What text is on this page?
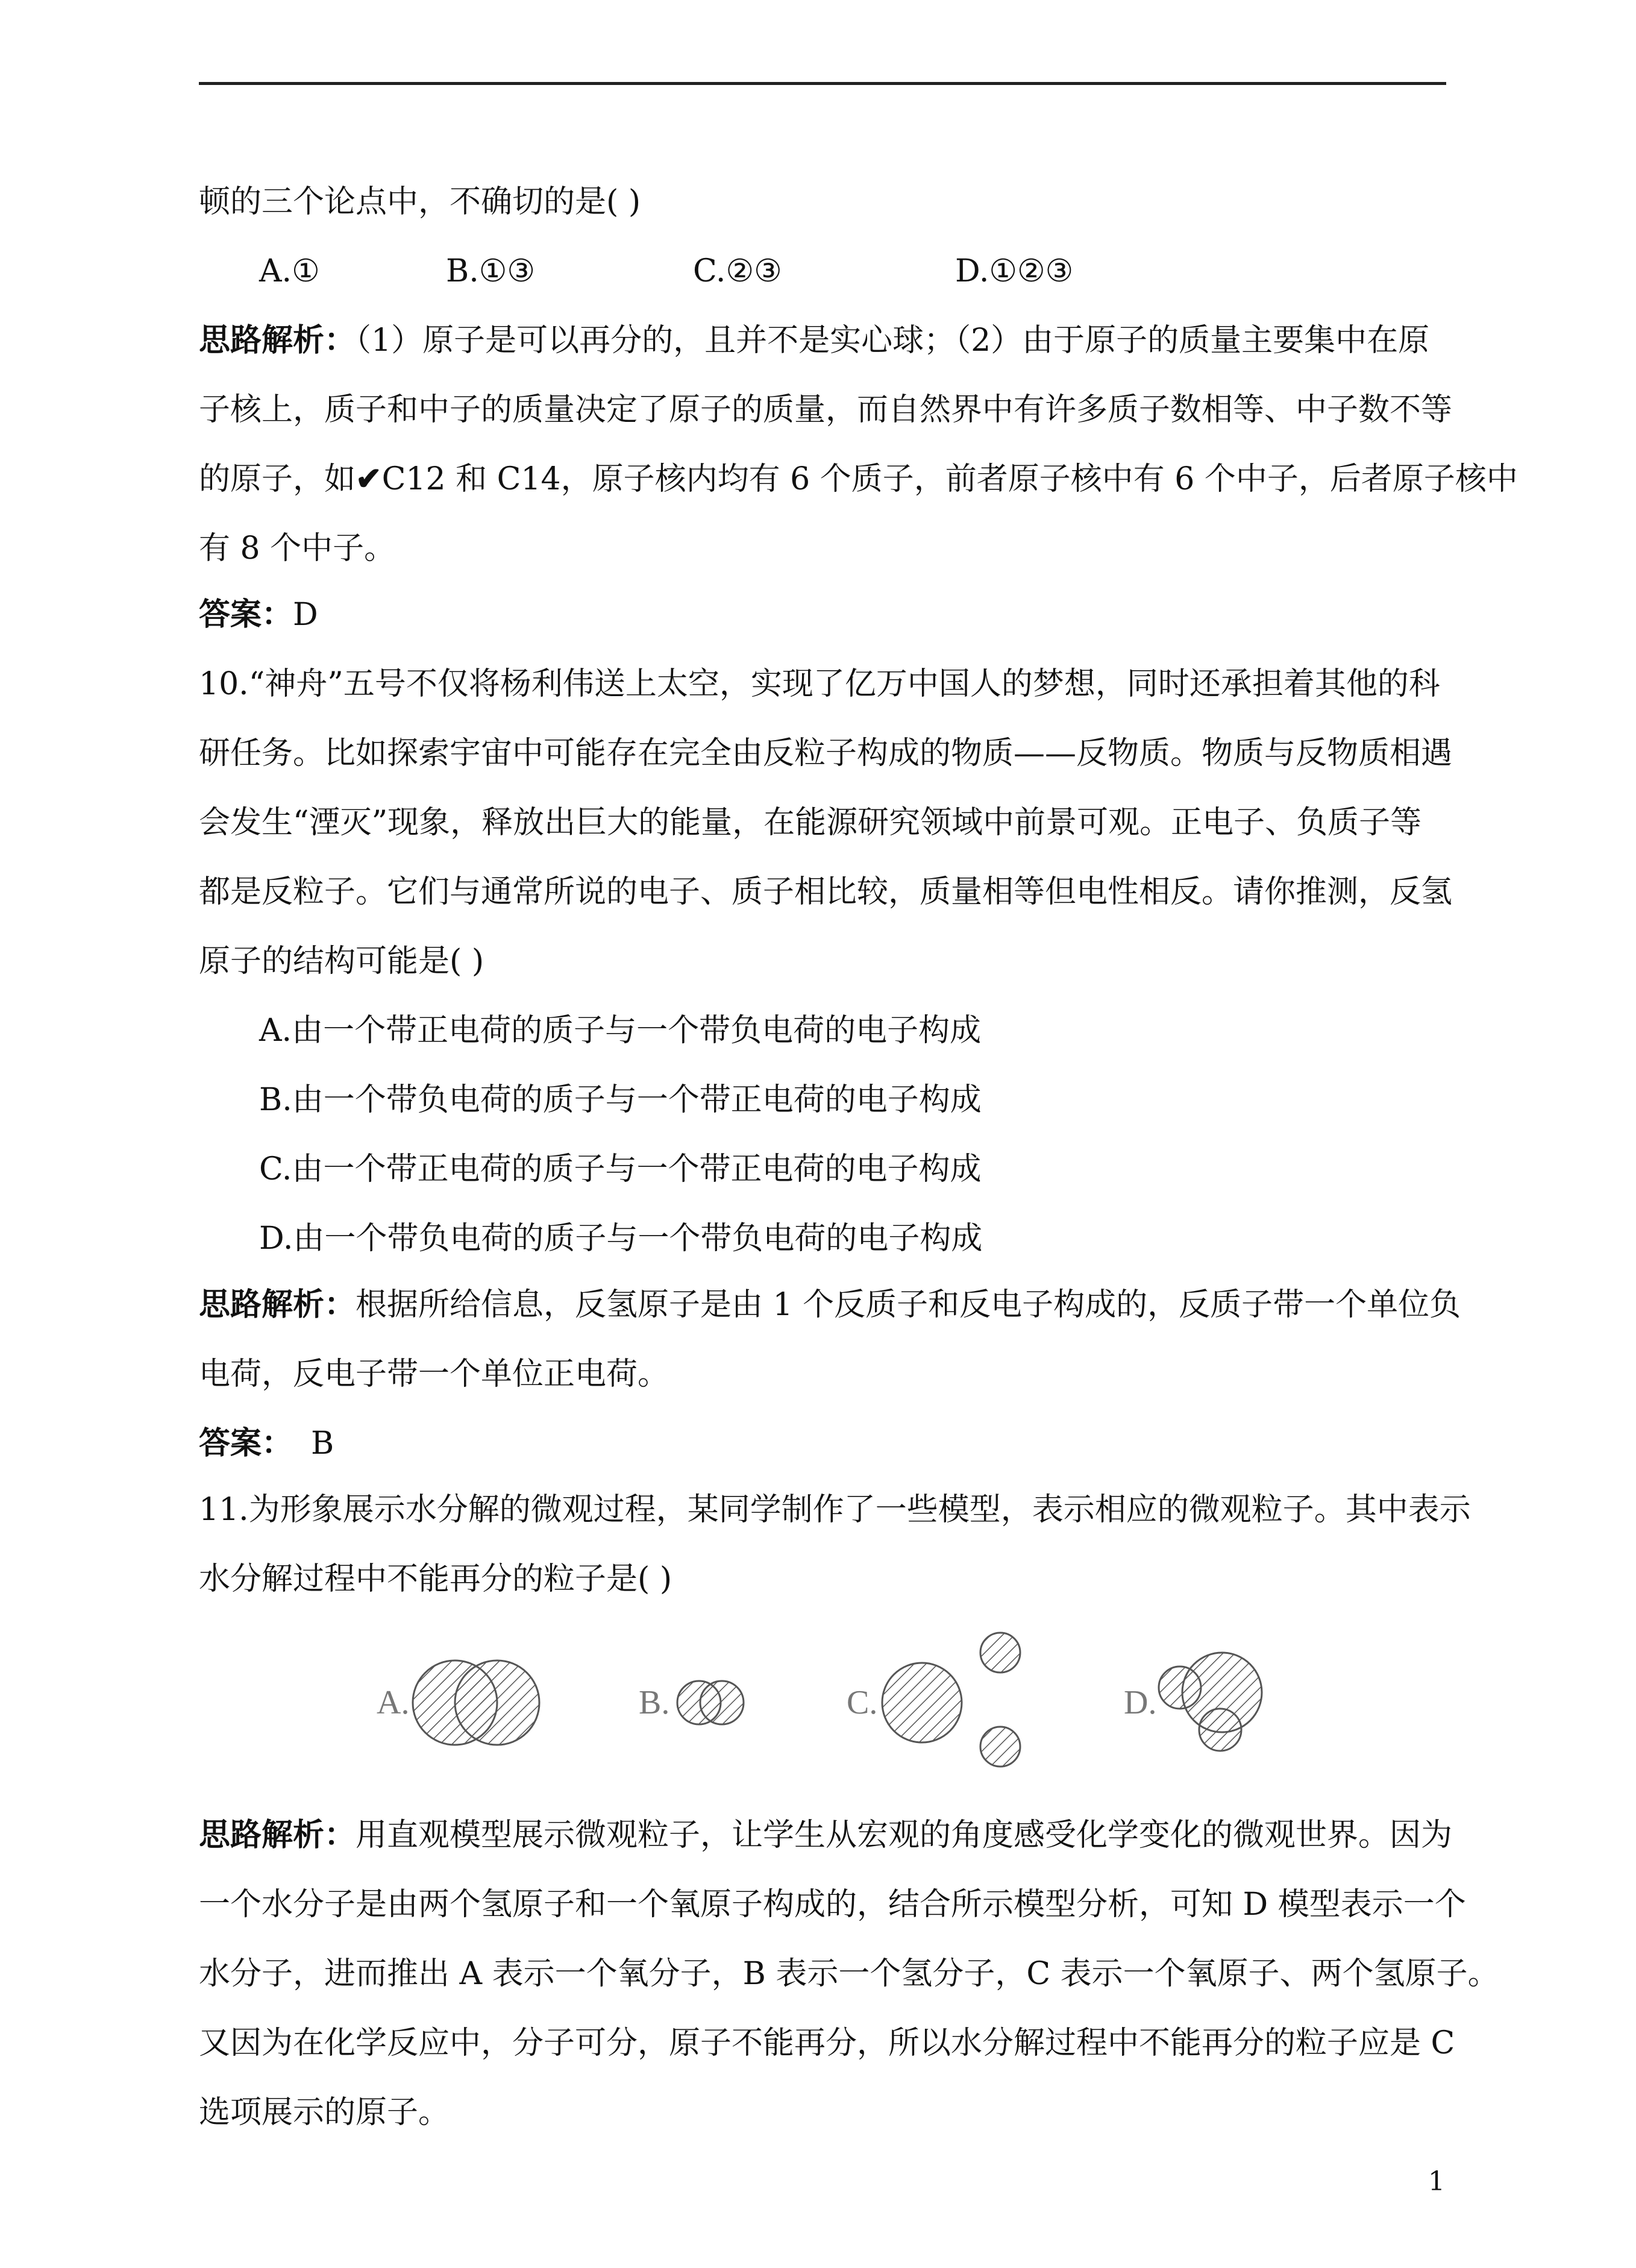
顿的三个论点中，不确切的是( )
A.①	B.①③	C.②③	D.①②③
思路解析：（1）原子是可以再分的，且并不是实心球；（2）由于原子的质量主要集中在原
子核上，质子和中子的质量决定了原子的质量，而自然界中有许多质子数相等、中子数不等
的原子，如✔C12 和 C14，原子核内均有 6 个质子，前者原子核中有 6 个中子，后者原子核中
有 8 个中子。
答案：D
10.“神舟”五号不仅将杨利伟送上太空，实现了亿万中国人的梦想，同时还承担着其他的科
研任务。比如探索宇宙中可能存在完全由反粒子构成的物质——反物质。物质与反物质相遇
会发生“湮灭”现象，释放出巨大的能量，在能源研究领域中前景可观。正电子、负质子等
都是反粒子。它们与通常所说的电子、质子相比较，质量相等但电性相反。请你推测，反氢
原子的结构可能是( )
A.由一个带正电荷的质子与一个带负电荷的电子构成
B.由一个带负电荷的质子与一个带正电荷的电子构成
C.由一个带正电荷的质子与一个带正电荷的电子构成
D.由一个带负电荷的质子与一个带负电荷的电子构成
思路解析：根据所给信息，反氢原子是由 1 个反质子和反电子构成的，反质子带一个单位负
电荷，反电子带一个单位正电荷。
答案： B
11.为形象展示水分解的微观过程，某同学制作了一些模型，表示相应的微观粒子。其中表示
水分解过程中不能再分的粒子是( )
A.	B.	C.	D.
思路解析：用直观模型展示微观粒子，让学生从宏观的角度感受化学变化的微观世界。因为
一个水分子是由两个氢原子和一个氧原子构成的，结合所示模型分析，可知 D 模型表示一个
水分子，进而推出 A 表示一个氧分子，B 表示一个氢分子，C 表示一个氧原子、两个氢原子。
又因为在化学反应中，分子可分，原子不能再分，所以水分解过程中不能再分的粒子应是 C
选项展示的原子。
1
